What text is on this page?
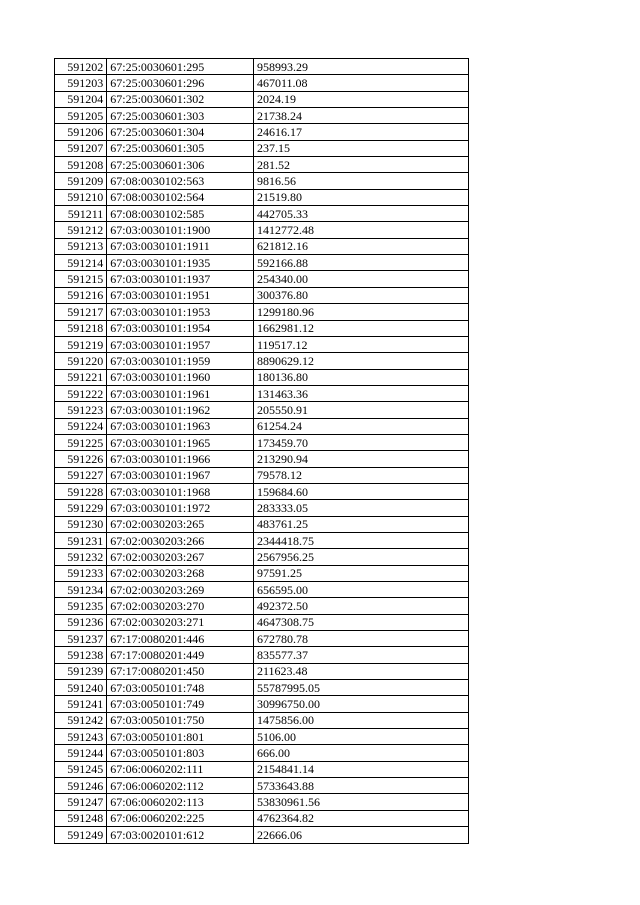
591202	67:25:0030601:295	958993.29
591203	67:25:0030601:296	467011.08
591204	67:25:0030601:302	2024.19
591205	67:25:0030601:303	21738.24
591206	67:25:0030601:304	24616.17
591207	67:25:0030601:305	237.15
591208	67:25:0030601:306	281.52
591209	67:08:0030102:563	9816.56
591210	67:08:0030102:564	21519.80
591211	67:08:0030102:585	442705.33
591212	67:03:0030101:1900	1412772.48
591213	67:03:0030101:1911	621812.16
591214	67:03:0030101:1935	592166.88
591215	67:03:0030101:1937	254340.00
591216	67:03:0030101:1951	300376.80
591217	67:03:0030101:1953	1299180.96
591218	67:03:0030101:1954	1662981.12
591219	67:03:0030101:1957	119517.12
591220	67:03:0030101:1959	8890629.12
591221	67:03:0030101:1960	180136.80
591222	67:03:0030101:1961	131463.36
591223	67:03:0030101:1962	205550.91
591224	67:03:0030101:1963	61254.24
591225	67:03:0030101:1965	173459.70
591226	67:03:0030101:1966	213290.94
591227	67:03:0030101:1967	79578.12
591228	67:03:0030101:1968	159684.60
591229	67:03:0030101:1972	283333.05
591230	67:02:0030203:265	483761.25
591231	67:02:0030203:266	2344418.75
591232	67:02:0030203:267	2567956.25
591233	67:02:0030203:268	97591.25
591234	67:02:0030203:269	656595.00
591235	67:02:0030203:270	492372.50
591236	67:02:0030203:271	4647308.75
591237	67:17:0080201:446	672780.78
591238	67:17:0080201:449	835577.37
591239	67:17:0080201:450	211623.48
591240	67:03:0050101:748	55787995.05
591241	67:03:0050101:749	30996750.00
591242	67:03:0050101:750	1475856.00
591243	67:03:0050101:801	5106.00
591244	67:03:0050101:803	666.00
591245	67:06:0060202:111	2154841.14
591246	67:06:0060202:112	5733643.88
591247	67:06:0060202:113	53830961.56
591248	67:06:0060202:225	4762364.82
591249	67:03:0020101:612	22666.06
